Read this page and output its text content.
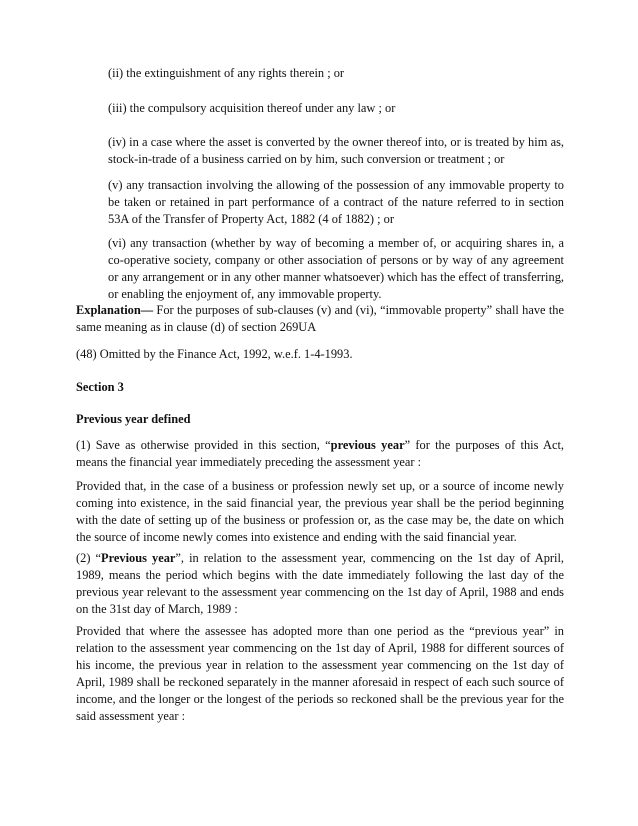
(ii) the extinguishment of any rights therein ; or

(iii) the compulsory acquisition thereof under any law ; or

(iv) in a case where the asset is converted by the owner thereof into, or is treated by him as, stock-in-trade of a business carried on by him, such conversion or treatment ; or

(v) any transaction involving the allowing of the possession of any immovable property to be taken or retained in part performance of a contract of the nature referred to in section 53A of the Transfer of Property Act, 1882 (4 of 1882) ; or

(vi) any transaction (whether by way of becoming a member of, or acquiring shares in, a co-operative society, company or other association of persons or by way of any agreement or any arrangement or in any other manner whatsoever) which has the effect of transferring, or enabling the enjoyment of, any immovable property.

Explanation— For the purposes of sub-clauses (v) and (vi), “immovable property” shall have the same meaning as in clause (d) of section 269UA

(48) Omitted by the Finance Act, 1992, w.e.f. 1-4-1993.

Section 3

Previous year defined

(1) Save as otherwise provided in this section, “previous year” for the purposes of this Act, means the financial year immediately preceding the assessment year :

Provided that, in the case of a business or profession newly set up, or a source of income newly coming into existence, in the said financial year, the previous year shall be the period beginning with the date of setting up of the business or profession or, as the case may be, the date on which the source of income newly comes into existence and ending with the said financial year.

(2) “Previous year”, in relation to the assessment year, commencing on the 1st day of April, 1989, means the period which begins with the date immediately following the last day of the previous year relevant to the assessment year commencing on the 1st day of April, 1988 and ends on the 31st day of March, 1989 :

Provided that where the assessee has adopted more than one period as the “previous year” in relation to the assessment year commencing on the 1st day of April, 1988 for different sources of his income, the previous year in relation to the assessment year commencing on the 1st day of April, 1989 shall be reckoned separately in the manner aforesaid in respect of each such source of income, and the longer or the longest of the periods so reckoned shall be the previous year for the said assessment year :
